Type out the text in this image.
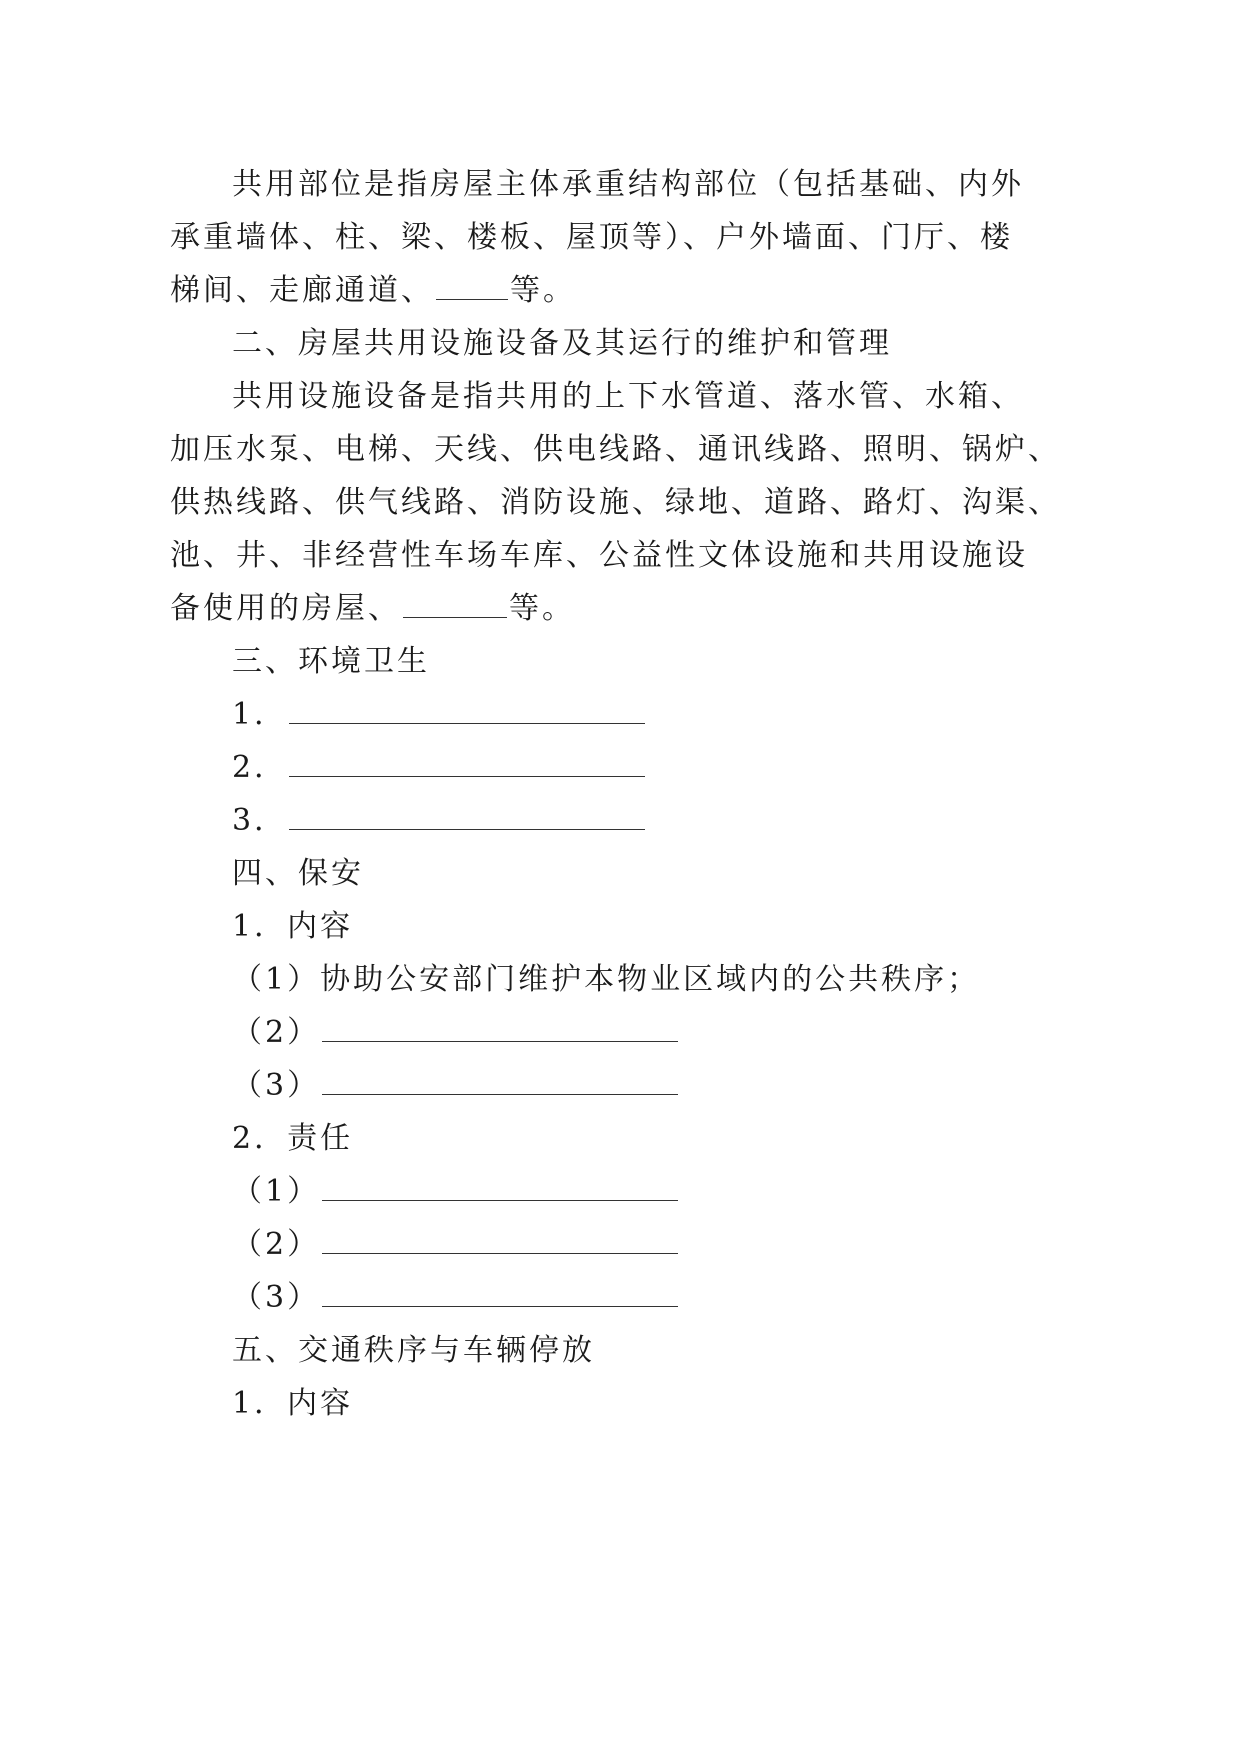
共用部位是指房屋主体承重结构部位（包括基础、内外
承重墙体、柱、梁、楼板、屋顶等）、户外墙面、门厅、楼
梯间、走廊通道、	等。
二、房屋共用设施设备及其运行的维护和管理
共用设施设备是指共用的上下水管道、落水管、水箱、
加压水泵、电梯、天线、供电线路、通讯线路、照明、锅炉、
供热线路、供气线路、消防设施、绿地、道路、路灯、沟渠、
池、井、非经营性车场车库、公益性文体设施和共用设施设
备使用的房屋、	等。
三、环境卫生
1．
2．
3．
四、保安
1．内容
（1）协助公安部门维护本物业区域内的公共秩序；
（2）
（3）
2．责任
（1）
（2）
（3）
五、交通秩序与车辆停放
1．内容
